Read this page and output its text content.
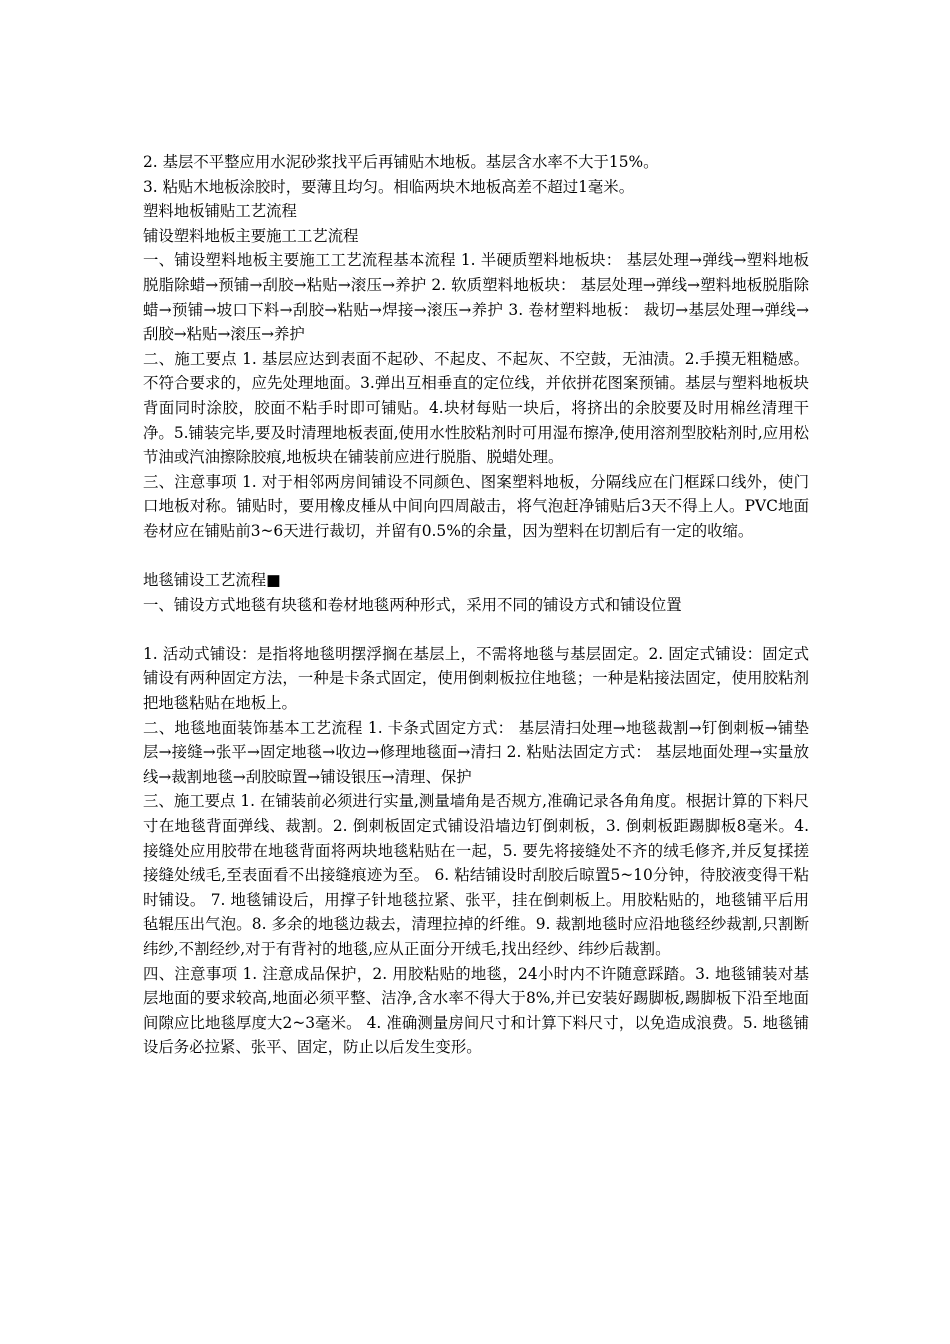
2. 基层不平整应用水泥砂浆找平后再铺贴木地板。基层含水率不大于15%。

3. 粘贴木地板涂胶时，要薄且均匀。相临两块木地板高差不超过1毫米。

塑料地板铺贴工艺流程

铺设塑料地板主要施工工艺流程

一、铺设塑料地板主要施工工艺流程基本流程 1. 半硬质塑料地板块： 基层处理→弹线→塑料地板脱脂除蜡→预铺→刮胶→粘贴→滚压→养护 2. 软质塑料地板块： 基层处理→弹线→塑料地板脱脂除蜡→预铺→坡口下料→刮胶→粘贴→焊接→滚压→养护 3. 卷材塑料地板： 裁切→基层处理→弹线→刮胶→粘贴→滚压→养护

二、施工要点 1. 基层应达到表面不起砂、不起皮、不起灰、不空鼓，无油渍。2.手摸无粗糙感。不符合要求的，应先处理地面。3.弹出互相垂直的定位线，并依拼花图案预铺。基层与塑料地板块背面同时涂胶，胶面不粘手时即可铺贴。4.块材每贴一块后，将挤出的余胶要及时用棉丝清理干净。5.铺装完毕,要及时清理地板表面,使用水性胶粘剂时可用湿布擦净,使用溶剂型胶粘剂时,应用松节油或汽油擦除胶痕,地板块在铺装前应进行脱脂、脱蜡处理。

三、注意事项 1. 对于相邻两房间铺设不同颜色、图案塑料地板，分隔线应在门框踩口线外，使门口地板对称。铺贴时，要用橡皮棰从中间向四周敲击，将气泡赶净铺贴后3天不得上人。PVC地面卷材应在铺贴前3~6天进行裁切，并留有0.5%的余量，因为塑料在切割后有一定的收缩。

地毯铺设工艺流程■

一、铺设方式地毯有块毯和卷材地毯两种形式，采用不同的铺设方式和铺设位置

1. 活动式铺设：是指将地毯明摆浮搁在基层上，不需将地毯与基层固定。2. 固定式铺设：固定式铺设有两种固定方法，一种是卡条式固定，使用倒刺板拉住地毯；一种是粘接法固定，使用胶粘剂把地毯粘贴在地板上。

二、地毯地面装饰基本工艺流程 1. 卡条式固定方式： 基层清扫处理→地毯裁割→钉倒刺板→铺垫层→接缝→张平→固定地毯→收边→修理地毯面→清扫 2. 粘贴法固定方式： 基层地面处理→实量放线→裁割地毯→刮胶晾置→铺设银压→清理、保护

三、施工要点 1. 在铺装前必须进行实量,测量墙角是否规方,准确记录各角角度。根据计算的下料尺寸在地毯背面弹线、裁割。2. 倒刺板固定式铺设沿墙边钉倒刺板，3. 倒刺板距踢脚板8毫米。4. 接缝处应用胶带在地毯背面将两块地毯粘贴在一起，5. 要先将接缝处不齐的绒毛修齐,并反复揉搓接缝处绒毛,至表面看不出接缝痕迹为至。 6. 粘结铺设时刮胶后晾置5~10分钟，待胶液变得干粘时铺设。 7. 地毯铺设后，用撑子针地毯拉紧、张平，挂在倒刺板上。用胶粘贴的，地毯铺平后用毡辊压出气泡。8. 多余的地毯边裁去，清理拉掉的纤维。9. 裁割地毯时应沿地毯经纱裁割,只割断纬纱,不割经纱,对于有背衬的地毯,应从正面分开绒毛,找出经纱、纬纱后裁割。

四、注意事项 1. 注意成品保护，2. 用胶粘贴的地毯，24小时内不许随意踩踏。3. 地毯铺装对基层地面的要求较高,地面必须平整、洁净,含水率不得大于8%,并已安装好踢脚板,踢脚板下沿至地面间隙应比地毯厚度大2~3毫米。 4. 准确测量房间尺寸和计算下料尺寸，以免造成浪费。5. 地毯铺设后务必拉紧、张平、固定，防止以后发生变形。
